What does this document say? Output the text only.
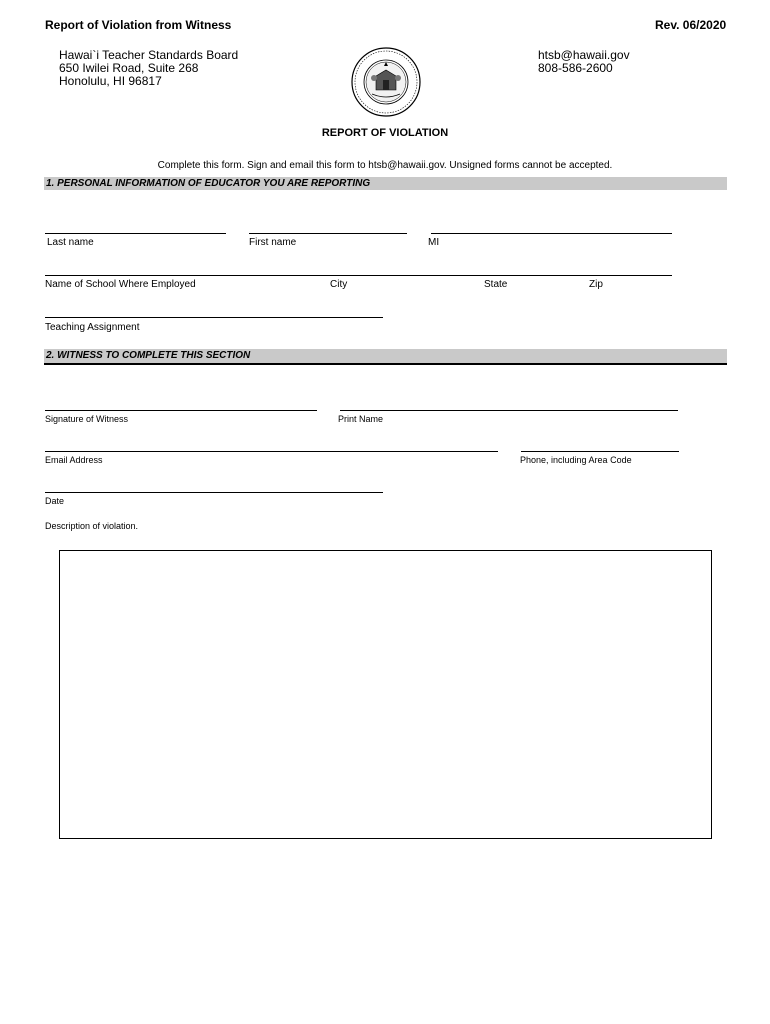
Report of Violation from Witness	Rev. 06/2020
Hawai`i Teacher Standards Board
650 Iwilei Road, Suite 268
Honolulu, HI 96817
htsb@hawaii.gov
808-586-2600
REPORT OF VIOLATION
Complete this form. Sign and email this form to htsb@hawaii.gov. Unsigned forms cannot be accepted.
1. PERSONAL INFORMATION OF EDUCATOR YOU ARE REPORTING
Last name	First name	MI
Name of School Where Employed	City	State	Zip
Teaching Assignment
2. WITNESS TO COMPLETE THIS SECTION
Signature of Witness	Print Name
Email Address	Phone, including Area Code
Date
Description of violation.
